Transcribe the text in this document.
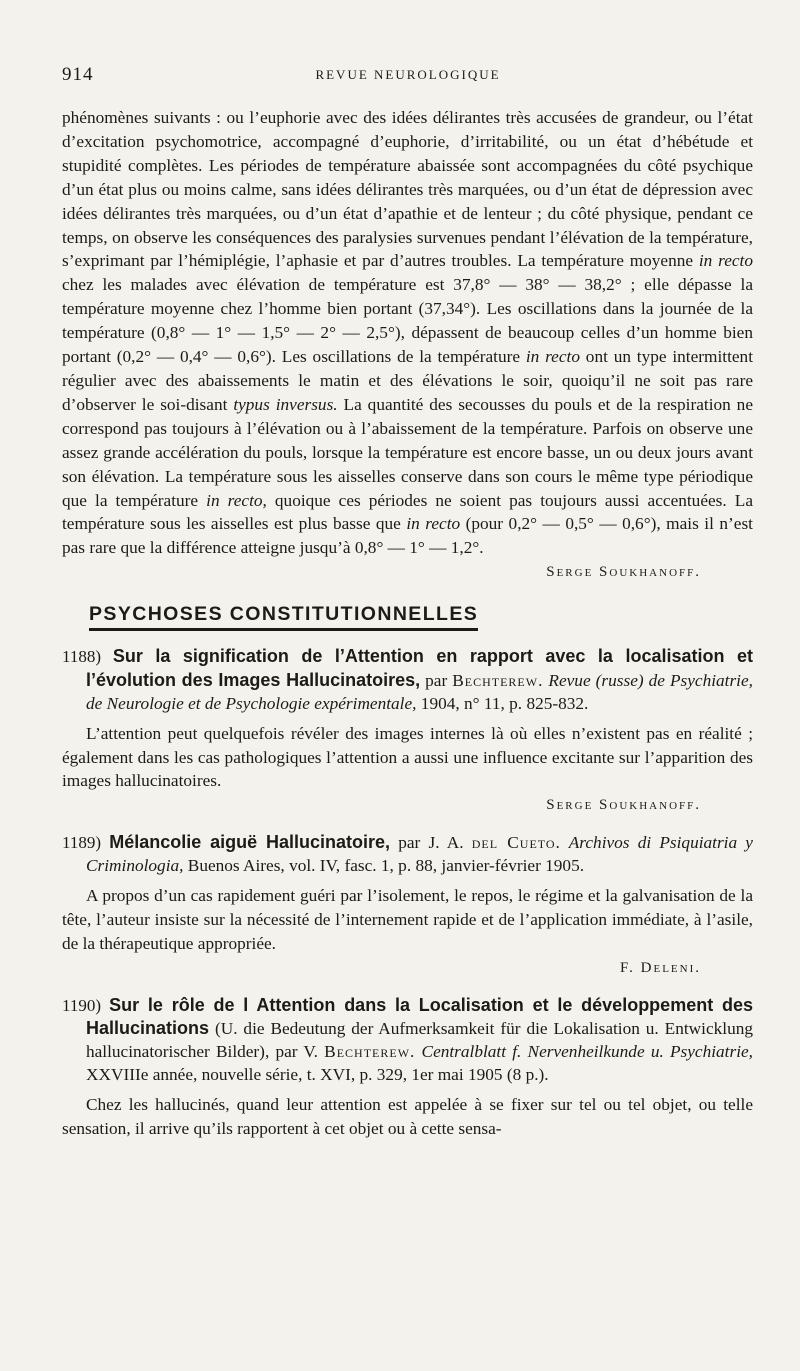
914	REVUE NEUROLOGIQUE

phénomènes suivants : ou l’euphorie avec des idées délirantes très accusées de grandeur, ou l’état d’excitation psychomotrice, accompagné d’euphorie, d’irritabilité, ou un état d’hébétude et stupidité complètes. Les périodes de température abaissée sont accompagnées du côté psychique d’un état plus ou moins calme, sans idées délirantes très marquées, ou d’un état de dépression avec idées délirantes très marquées, ou d’un état d’apathie et de lenteur ; du côté physique, pendant ce temps, on observe les conséquences des paralysies survenues pendant l’élévation de la température, s’exprimant par l’hémiplégie, l’aphasie et par d’autres troubles. La température moyenne in recto chez les malades avec élévation de température est 37,8° — 38° — 38,2° ; elle dépasse la température moyenne chez l’homme bien portant (37,34°). Les oscillations dans la journée de la température (0,8° — 1° — 1,5° — 2° — 2,5°), dépassent de beaucoup celles d’un homme bien portant (0,2° — 0,4° — 0,6°). Les oscillations de la température in recto ont un type intermittent régulier avec des abaissements le matin et des élévations le soir, quoiqu’il ne soit pas rare d’observer le soi-disant typus inversus. La quantité des secousses du pouls et de la respiration ne correspond pas toujours à l’élévation ou à l’abaissement de la température. Parfois on observe une assez grande accélération du pouls, lorsque la température est encore basse, un ou deux jours avant son élévation. La température sous les aisselles conserve dans son cours le même type périodique que la température in recto, quoique ces périodes ne soient pas toujours aussi accentuées. La température sous les aisselles est plus basse que in recto (pour 0,2° — 0,5° — 0,6°), mais il n’est pas rare que la différence atteigne jusqu’à 0,8° — 1° — 1,2°.

Serge Soukhanoff.

PSYCHOSES CONSTITUTIONNELLES

1188) Sur la signification de l’Attention en rapport avec la localisation et l’évolution des Images Hallucinatoires, par Bechterew. Revue (russe) de Psychiatrie, de Neurologie et de Psychologie expérimentale, 1904, n° 11, p. 825-832.

L’attention peut quelquefois révéler des images internes là où elles n’existent pas en réalité ; également dans les cas pathologiques l’attention a aussi une influence excitante sur l’apparition des images hallucinatoires.

Serge Soukhanoff.

1189) Mélancolie aiguë Hallucinatoire, par J. A. del Cueto. Archivos di Psiquiatria y Criminologia, Buenos Aires, vol. IV, fasc. 1, p. 88, janvier-février 1905.

A propos d’un cas rapidement guéri par l’isolement, le repos, le régime et la galvanisation de la tête, l’auteur insiste sur la nécessité de l’internement rapide et de l’application immédiate, à l’asile, de la thérapeutique appropriée.

F. Deleni.

1190) Sur le rôle de l Attention dans la Localisation et le développement des Hallucinations (U. die Bedeutung der Aufmerksamkeit für die Lokalisation u. Entwicklung hallucinatorischer Bilder), par V. Bechterew. Centralblatt f. Nervenheilkunde u. Psychiatrie, XXVIIIe année, nouvelle série, t. XVI, p. 329, 1er mai 1905 (8 p.).

Chez les hallucinés, quand leur attention est appelée à se fixer sur tel ou tel objet, ou telle sensation, il arrive qu’ils rapportent à cet objet ou à cette sensa-
